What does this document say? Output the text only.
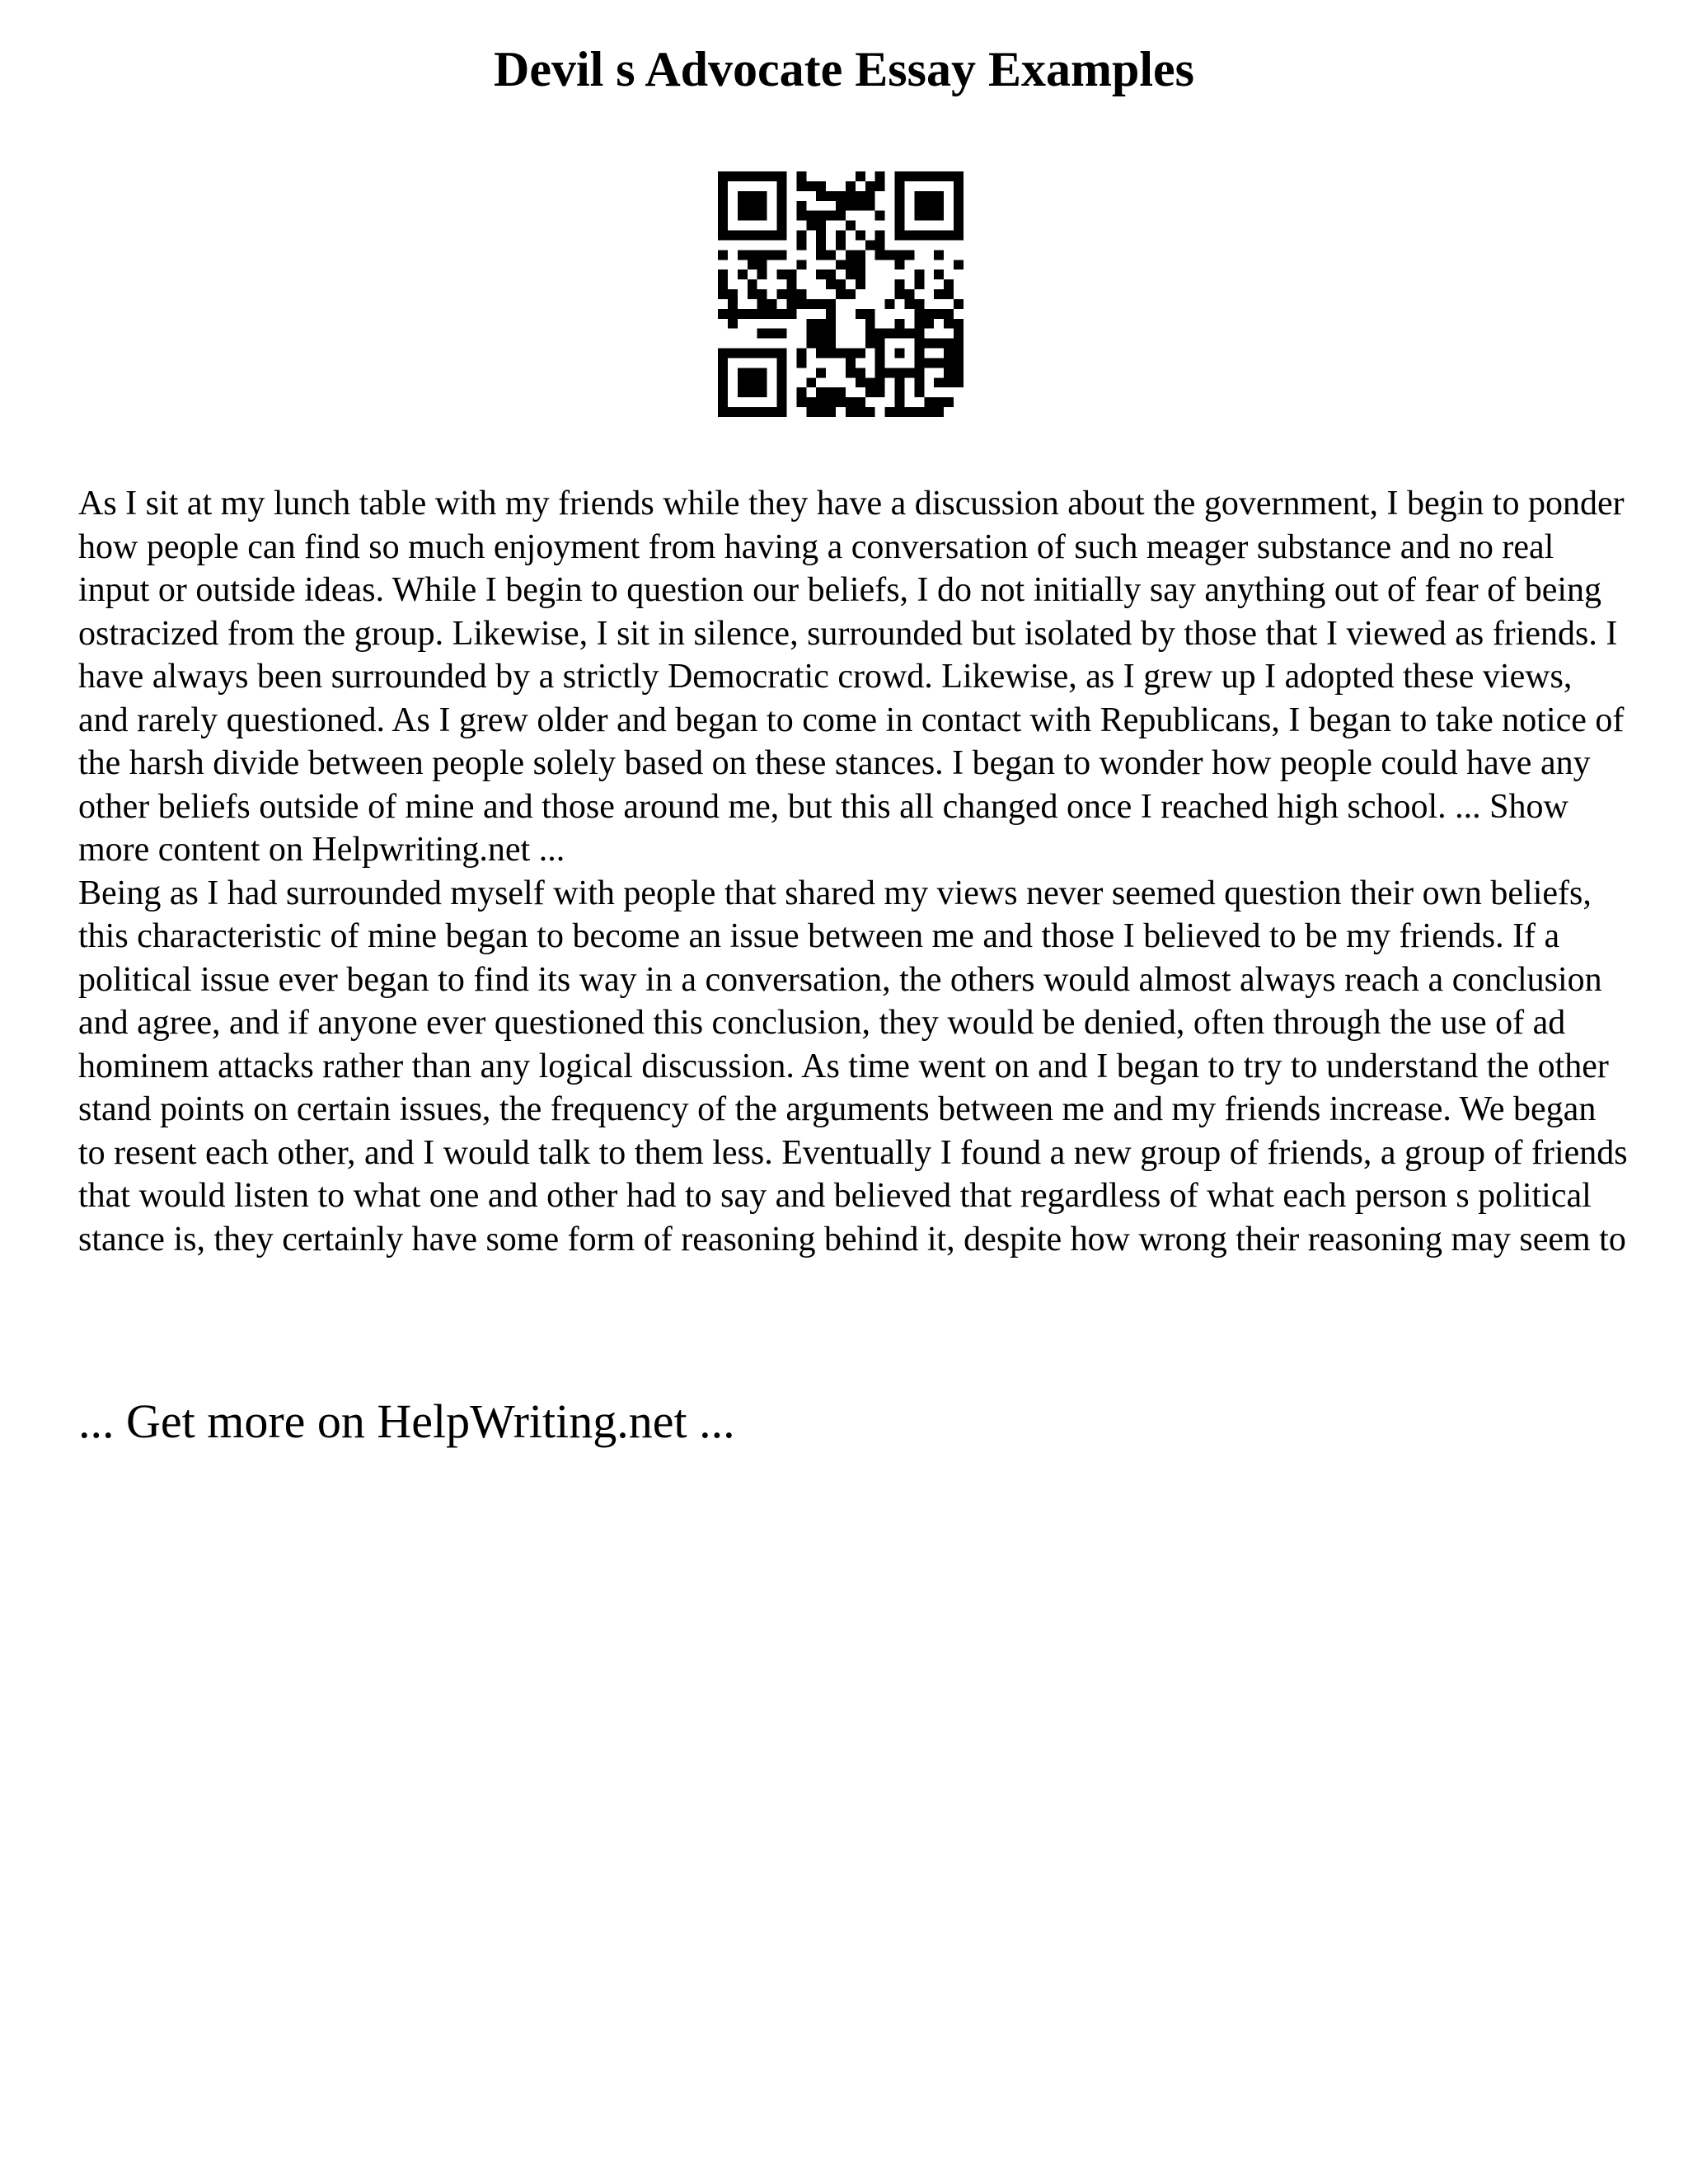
Devil s Advocate Essay Examples

As I sit at my lunch table with my friends while they have a discussion about the government, I begin to ponder how people can find so much enjoyment from having a conversation of such meager substance and no real input or outside ideas. While I begin to question our beliefs, I do not initially say anything out of fear of being ostracized from the group. Likewise, I sit in silence, surrounded but isolated by those that I viewed as friends. I have always been surrounded by a strictly Democratic crowd. Likewise, as I grew up I adopted these views, and rarely questioned. As I grew older and began to come in contact with Republicans, I began to take notice of the harsh divide between people solely based on these stances. I began to wonder how people could have any other beliefs outside of mine and those around me, but this all changed once I reached high school. ... Show more content on Helpwriting.net ...

Being as I had surrounded myself with people that shared my views never seemed question their own beliefs, this characteristic of mine began to become an issue between me and those I believed to be my friends. If a political issue ever began to find its way in a conversation, the others would almost always reach a conclusion and agree, and if anyone ever questioned this conclusion, they would be denied, often through the use of ad hominem attacks rather than any logical discussion. As time went on and I began to try to understand the other stand points on certain issues, the frequency of the arguments between me and my friends increase. We began to resent each other, and I would talk to them less. Eventually I found a new group of friends, a group of friends that would listen to what one and other had to say and believed that regardless of what each person s political stance is, they certainly have some form of reasoning behind it, despite how wrong their reasoning may seem to

... Get more on HelpWriting.net ...
